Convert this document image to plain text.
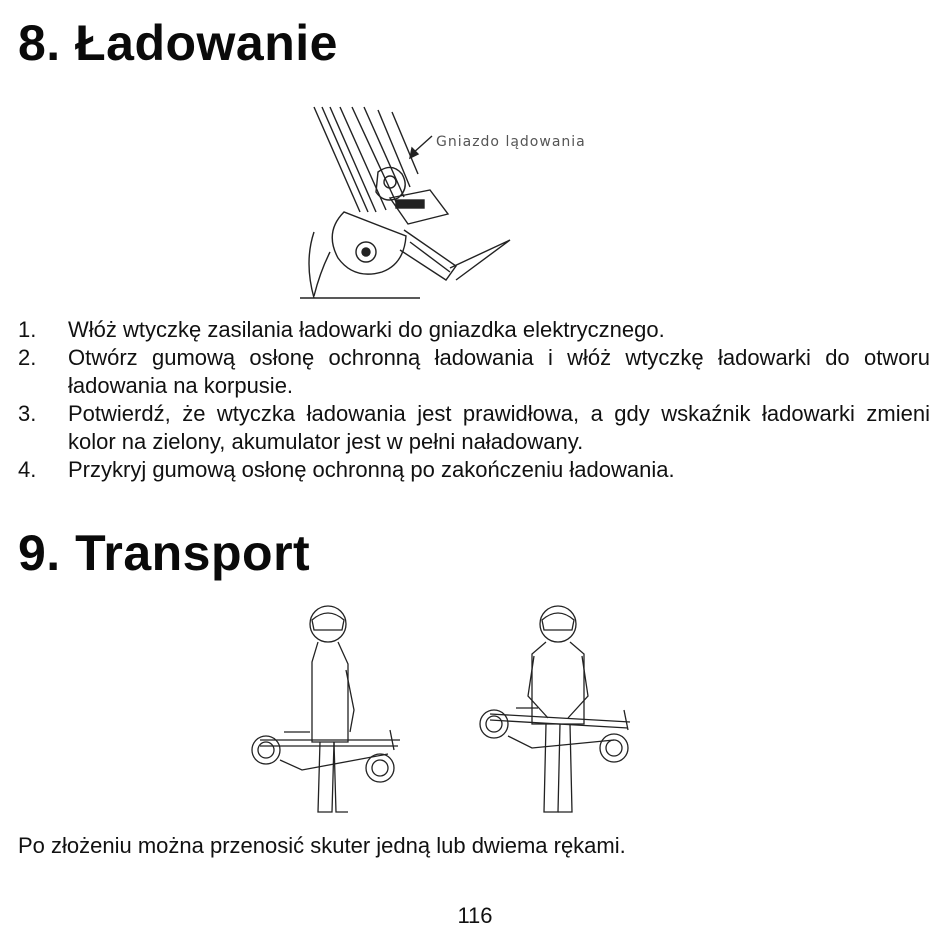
8. Ładowanie
Gniazdo lądowania
1. Włóż wtyczkę zasilania ładowarki do gniazdka elektrycznego.
2. Otwórz gumową osłonę ochronną ładowania i włóż wtyczkę ładowarki do otworu ładowania na korpusie.
3. Potwierdź, że wtyczka ładowania jest prawidłowa, a gdy wskaźnik ładowarki zmieni kolor na zielony, akumulator jest w pełni naładowany.
4. Przykryj gumową osłonę ochronną po zakończeniu ładowania.
9. Transport

Po złożeniu można przenosić skuter jedną lub dwiema rękami.

116
